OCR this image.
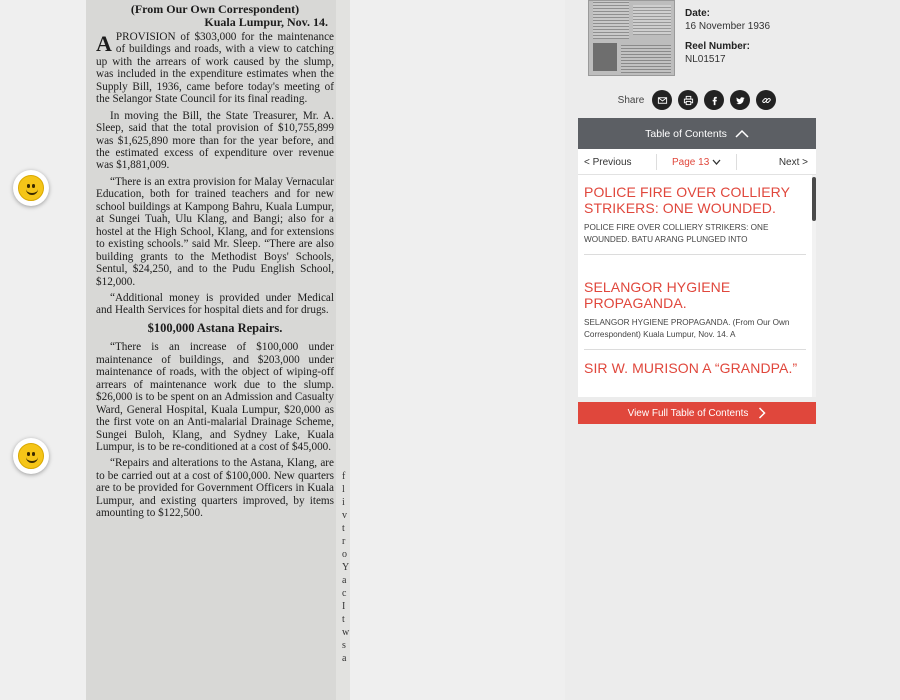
(From Our Own Correspondent)

Kuala Lumpur, Nov. 14.

APROVISION of $303,000 for the maintenance of buildings and roads, with a view to catching up with the arrears of work caused by the slump, was included in the expenditure estimates when the Supply Bill, 1936, came before today's meeting of the Selangor State Council for its final reading.

In moving the Bill, the State Treasurer, Mr. A. Sleep, said that the total provision of $10,755,899 was $1,625,890 more than for the year before, and the estimated excess of expenditure over revenue was $1,881,009.

“There is an extra provision for Malay Vernacular Education, both for trained teachers and for new school buildings at Kampong Bahru, Kuala Lumpur, at Sungei Tuah, Ulu Klang, and Bangi; also for a hostel at the High School, Klang, and for extensions to existing schools.” said Mr. Sleep. “There are also building grants to the Methodist Boys' Schools, Sentul, $24,250, and to the Pudu English School, $12,000.

“Additional money is provided under Medical and Health Services for hospital diets and for drugs.

$100,000 Astana Repairs.

“There is an increase of $100,000 under maintenance of buildings, and $203,000 under maintenance of roads, with the object of wiping-off arrears of maintenance work due to the slump. $26,000 is to be spent on an Admission and Casualty Ward, General Hospital, Kuala Lumpur, $20,000 as the first vote on an Anti-malarial Drainage Scheme, Sungei Buloh, Klang, and Sydney Lake, Kuala Lumpur, is to be re-conditioned at a cost of $45,000.

“Repairs and alterations to the Astana, Klang, are to be carried out at a cost of $100,000. New quarters are to be provided for Government Officers in Kuala Lumpur, and existing quarters improved, by items amounting to $122,500.

f l i v t r o Y a c I t w s a
Date:
16 November 1936
Reel Number:
NL01517
Share
Table of Contents
< Previous	Page 13	Next >
POLICE FIRE OVER COLLIERY STRIKERS: ONE WOUNDED.
POLICE FIRE OVER COLLIERY STRIKERS: ONE WOUNDED. BATU ARANG PLUNGED INTO
SELANGOR HYGIENE PROPAGANDA.
SELANGOR HYGIENE PROPAGANDA. (From Our Own Correspondent) Kuala Lumpur, Nov. 14. A
SIR W. MURISON A “GRANDPA.”
View Full Table of Contents
